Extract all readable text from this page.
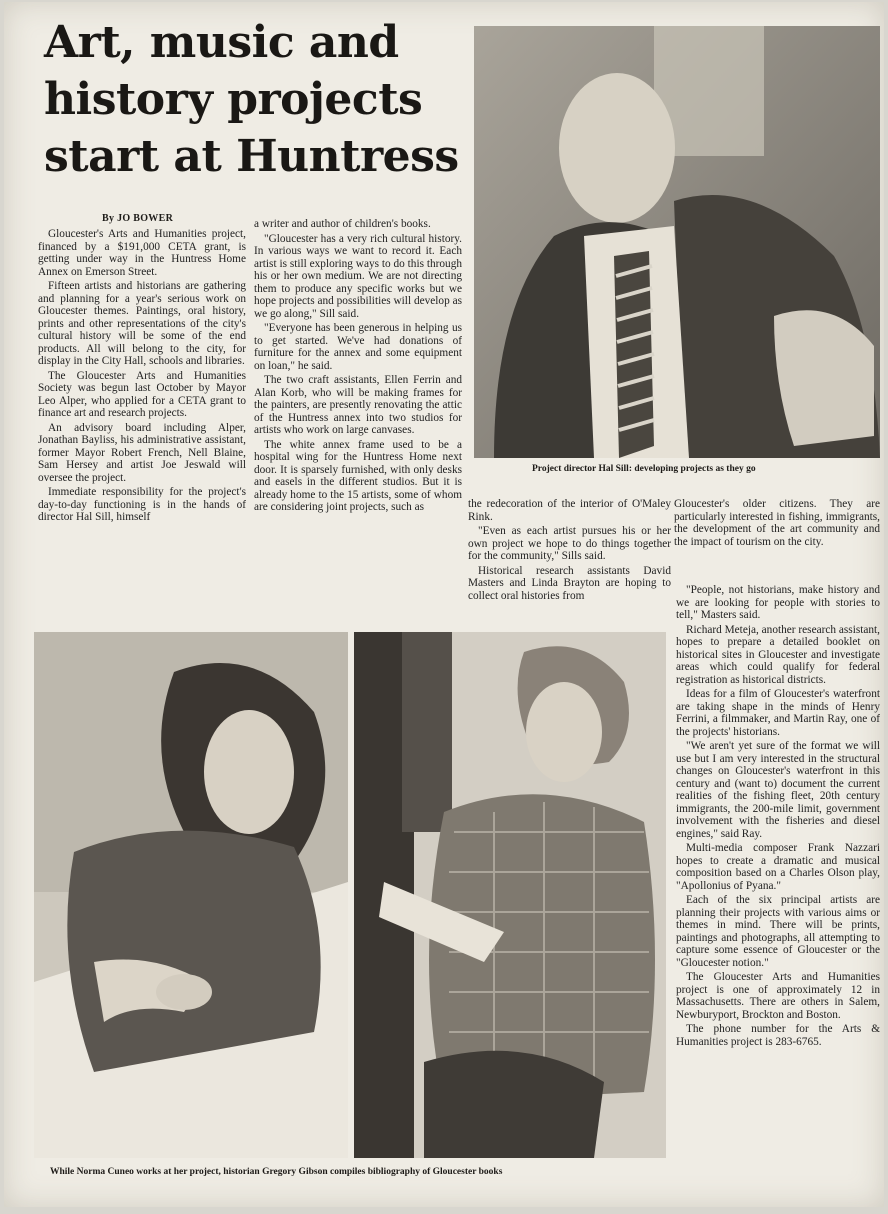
Art, music and history projects start at Huntress
By JO BOWER
Project director Hal Sill: developing projects as they go

Gloucester's Arts and Humanities project, financed by a $191,000 CETA grant, is getting under way in the Huntress Home Annex on Emerson Street.

Fifteen artists and historians are gathering and planning for a year's serious work on Gloucester themes. Paintings, oral history, prints and other representations of the city's cultural history will be some of the end products. All will belong to the city, for display in the City Hall, schools and libraries.

The Gloucester Arts and Humanities Society was begun last October by Mayor Leo Alper, who applied for a CETA grant to finance art and research projects.

An advisory board including Alper, Jonathan Bayliss, his administrative assistant, former Mayor Robert French, Nell Blaine, Sam Hersey and artist Joe Jeswald will oversee the project.

Immediate responsibility for the project's day-to-day functioning is in the hands of director Hal Sill, himself

a writer and author of children's books.

"Gloucester has a very rich cultural history. In various ways we want to record it. Each artist is still exploring ways to do this through his or her own medium. We are not directing them to produce any specific works but we hope projects and possibilities will develop as we go along," Sill said.

"Everyone has been generous in helping us to get started. We've had donations of furniture for the annex and some equipment on loan," he said.

The two craft assistants, Ellen Ferrin and Alan Korb, who will be making frames for the painters, are presently renovating the attic of the Huntress annex into two studios for artists who work on large canvases.

The white annex frame used to be a hospital wing for the Huntress Home next door. It is sparsely furnished, with only desks and easels in the different studios. But it is already home to the 15 artists, some of whom are considering joint projects, such as	the redecoration of the interior of O'Maley Rink.

"Even as each artist pursues his or her own project we hope to do things together for the community," Sills said.

Historical research assistants David Masters and Linda Brayton are hoping to collect oral histories from

Gloucester's older citizens. They are particularly interested in fishing, immigrants, the development of the art community and the impact of tourism on the city.

"People, not historians, make history and we are looking for people with stories to tell," Masters said.

Richard Meteja, another research assistant, hopes to prepare a detailed booklet on historical sites in Gloucester and investigate areas which could qualify for federal registration as historical districts.

Ideas for a film of Gloucester's waterfront are taking shape in the minds of Henry Ferrini, a filmmaker, and Martin Ray, one of the projects' historians.

"We aren't yet sure of the format we will use but I am very interested in the structural changes on Gloucester's waterfront in this century and (want to) document the current realities of the fishing fleet, 20th century immigrants, the 200-mile limit, government involvement with the fisheries and diesel engines," said Ray.

Multi-media composer Frank Nazzari hopes to create a dramatic and musical composition based on a Charles Olson play, "Apollonius of Pyana."

Each of the six principal artists are planning their projects with various aims or themes in mind. There will be prints, paintings and photographs, all attempting to capture some essence of Gloucester or the "Gloucester notion."

The Gloucester Arts and Humanities project is one of approximately 12 in Massachusetts. There are others in Salem, Newburyport, Brockton and Boston.

The phone number for the Arts & Humanities project is 283-6765.

While Norma Cuneo works at her project, historian Gregory Gibson compiles bibliography of Gloucester books
